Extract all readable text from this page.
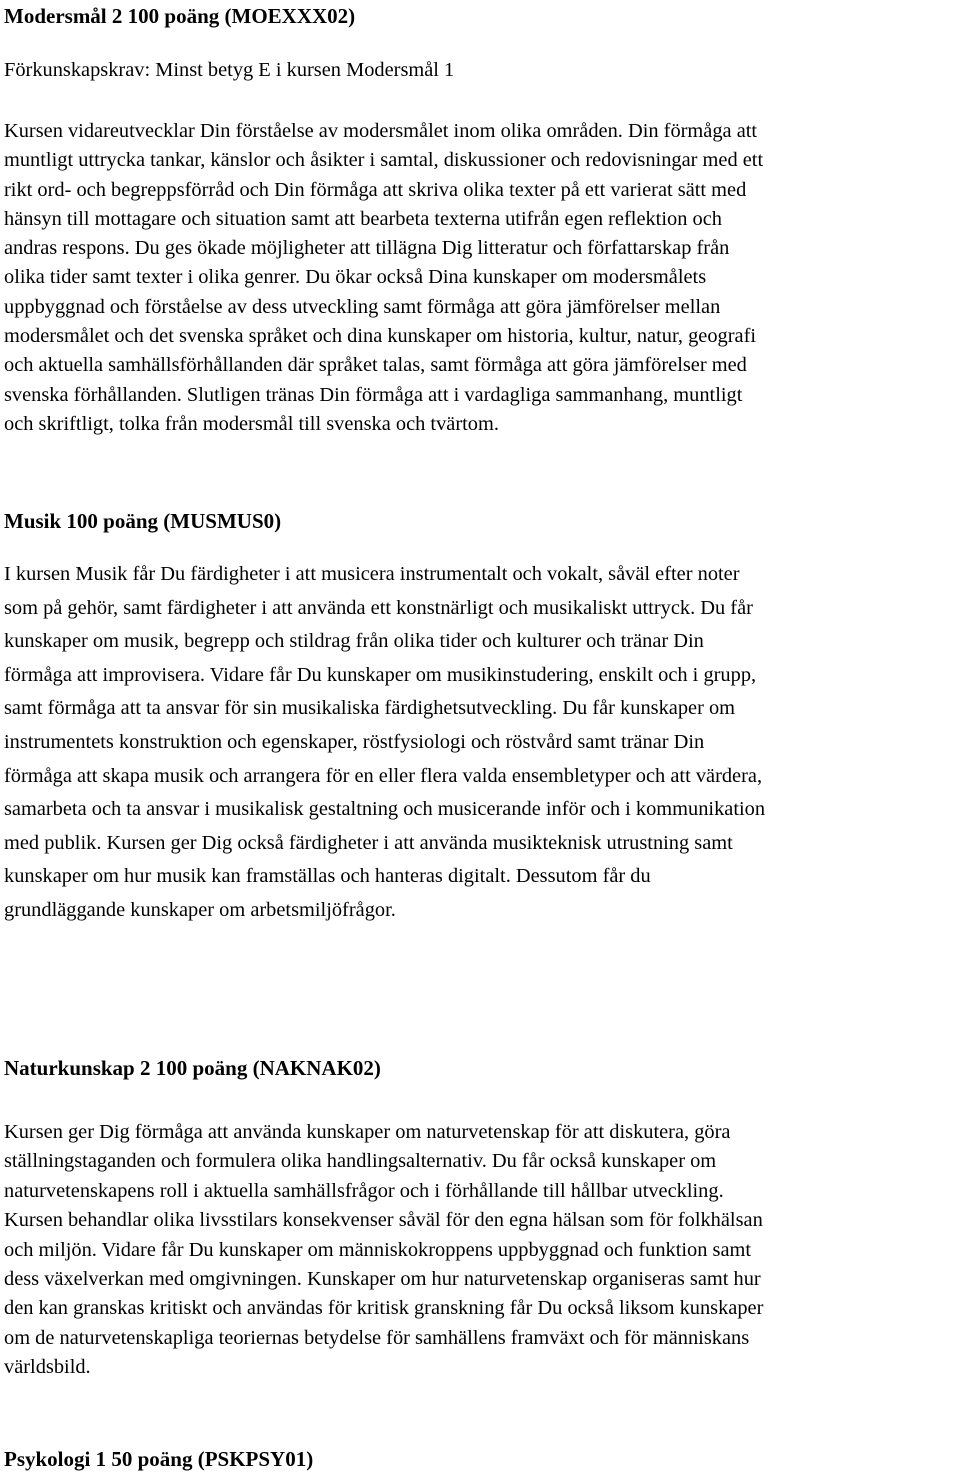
Modersmål 2 100 poäng (MOEXXX02)

Förkunskapskrav: Minst betyg E i kursen Modersmål 1

Kursen vidareutvecklar Din förståelse av modersmålet inom olika områden. Din förmåga att
muntligt uttrycka tankar, känslor och åsikter i samtal, diskussioner och redovisningar med ett
rikt ord- och begreppsförråd och Din förmåga att skriva olika texter på ett varierat sätt med
hänsyn till mottagare och situation samt att bearbeta texterna utifrån egen reflektion och
andras respons. Du ges ökade möjligheter att tillägna Dig litteratur och författarskap från
olika tider samt texter i olika genrer. Du ökar också Dina kunskaper om modersmålets
uppbyggnad och förståelse av dess utveckling samt förmåga att göra jämförelser mellan
modersmålet och det svenska språket och dina kunskaper om historia, kultur, natur, geografi
och aktuella samhällsförhållanden där språket talas, samt förmåga att göra jämförelser med
svenska förhållanden. Slutligen tränas Din förmåga att i vardagliga sammanhang, muntligt
och skriftligt, tolka från modersmål till svenska och tvärtom.
Musik 100 poäng (MUSMUS0)
I kursen Musik får Du färdigheter i att musicera instrumentalt och vokalt, såväl efter noter
som på gehör, samt färdigheter i att använda ett konstnärligt och musikaliskt uttryck. Du får
kunskaper om musik, begrepp och stildrag från olika tider och kulturer och tränar Din
förmåga att improvisera. Vidare får Du kunskaper om musikinstudering, enskilt och i grupp,
samt förmåga att ta ansvar för sin musikaliska färdighetsutveckling. Du får kunskaper om
instrumentets konstruktion och egenskaper, röstfysiologi och röstvård samt tränar Din
förmåga att skapa musik och arrangera för en eller flera valda ensembletyper och att värdera,
samarbeta och ta ansvar i musikalisk gestaltning och musicerande inför och i kommunikation
med publik. Kursen ger Dig också färdigheter i att använda musikteknisk utrustning samt
kunskaper om hur musik kan framställas och hanteras digitalt. Dessutom får du
grundläggande kunskaper om arbetsmiljöfrågor.
Naturkunskap 2 100 poäng (NAKNAK02)
Kursen ger Dig förmåga att använda kunskaper om naturvetenskap för att diskutera, göra
ställningstaganden och formulera olika handlingsalternativ. Du får också kunskaper om
naturvetenskapens roll i aktuella samhällsfrågor och i förhållande till hållbar utveckling.
Kursen behandlar olika livsstilars konsekvenser såväl för den egna hälsan som för folkhälsan
och miljön. Vidare får Du kunskaper om människokroppens uppbyggnad och funktion samt
dess växelverkan med omgivningen. Kunskaper om hur naturvetenskap organiseras samt hur
den kan granskas kritiskt och användas för kritisk granskning får Du också liksom kunskaper
om de naturvetenskapliga teoriernas betydelse för samhällens framväxt och för människans
världsbild.
Psykologi 1 50 poäng (PSKPSY01)
